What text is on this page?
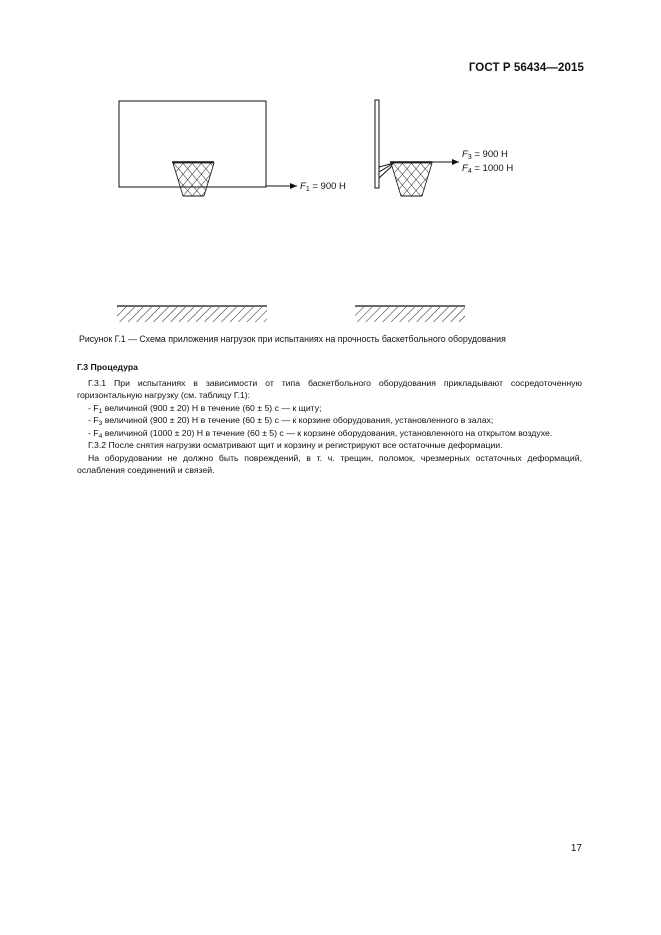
ГОСТ Р 56434—2015
$F_1 = 900$ Н
$F_3 = 900$ Н
$F_4 = 1000$ Н
Рисунок Г.1 — Схема приложения нагрузок при испытаниях на прочность баскетбольного оборудования
Г.3 Процедура

Г.3.1 При испытаниях в зависимости от типа баскетбольного оборудования прикладывают сосредоточенную горизонтальную нагрузку (см. таблицу Г.1):

- $F_1$ величиной (900 ± 20) Н в течение (60 ± 5) с — к щиту;

- $F_3$ величиной (900 ± 20) Н в течение (60 ± 5) с — к корзине оборудования, установленного в залах;

- $F_4$ величиной (1000 ± 20) Н в течение (60 ± 5) с — к корзине оборудования, установленного на открытом воздухе.

Г.3.2 После снятия нагрузки осматривают щит и корзину и регистрируют все остаточные деформации.

На оборудовании не должно быть повреждений, в т. ч. трещин, поломок, чрезмерных остаточных деформаций, ослабления соединений и связей.

17
